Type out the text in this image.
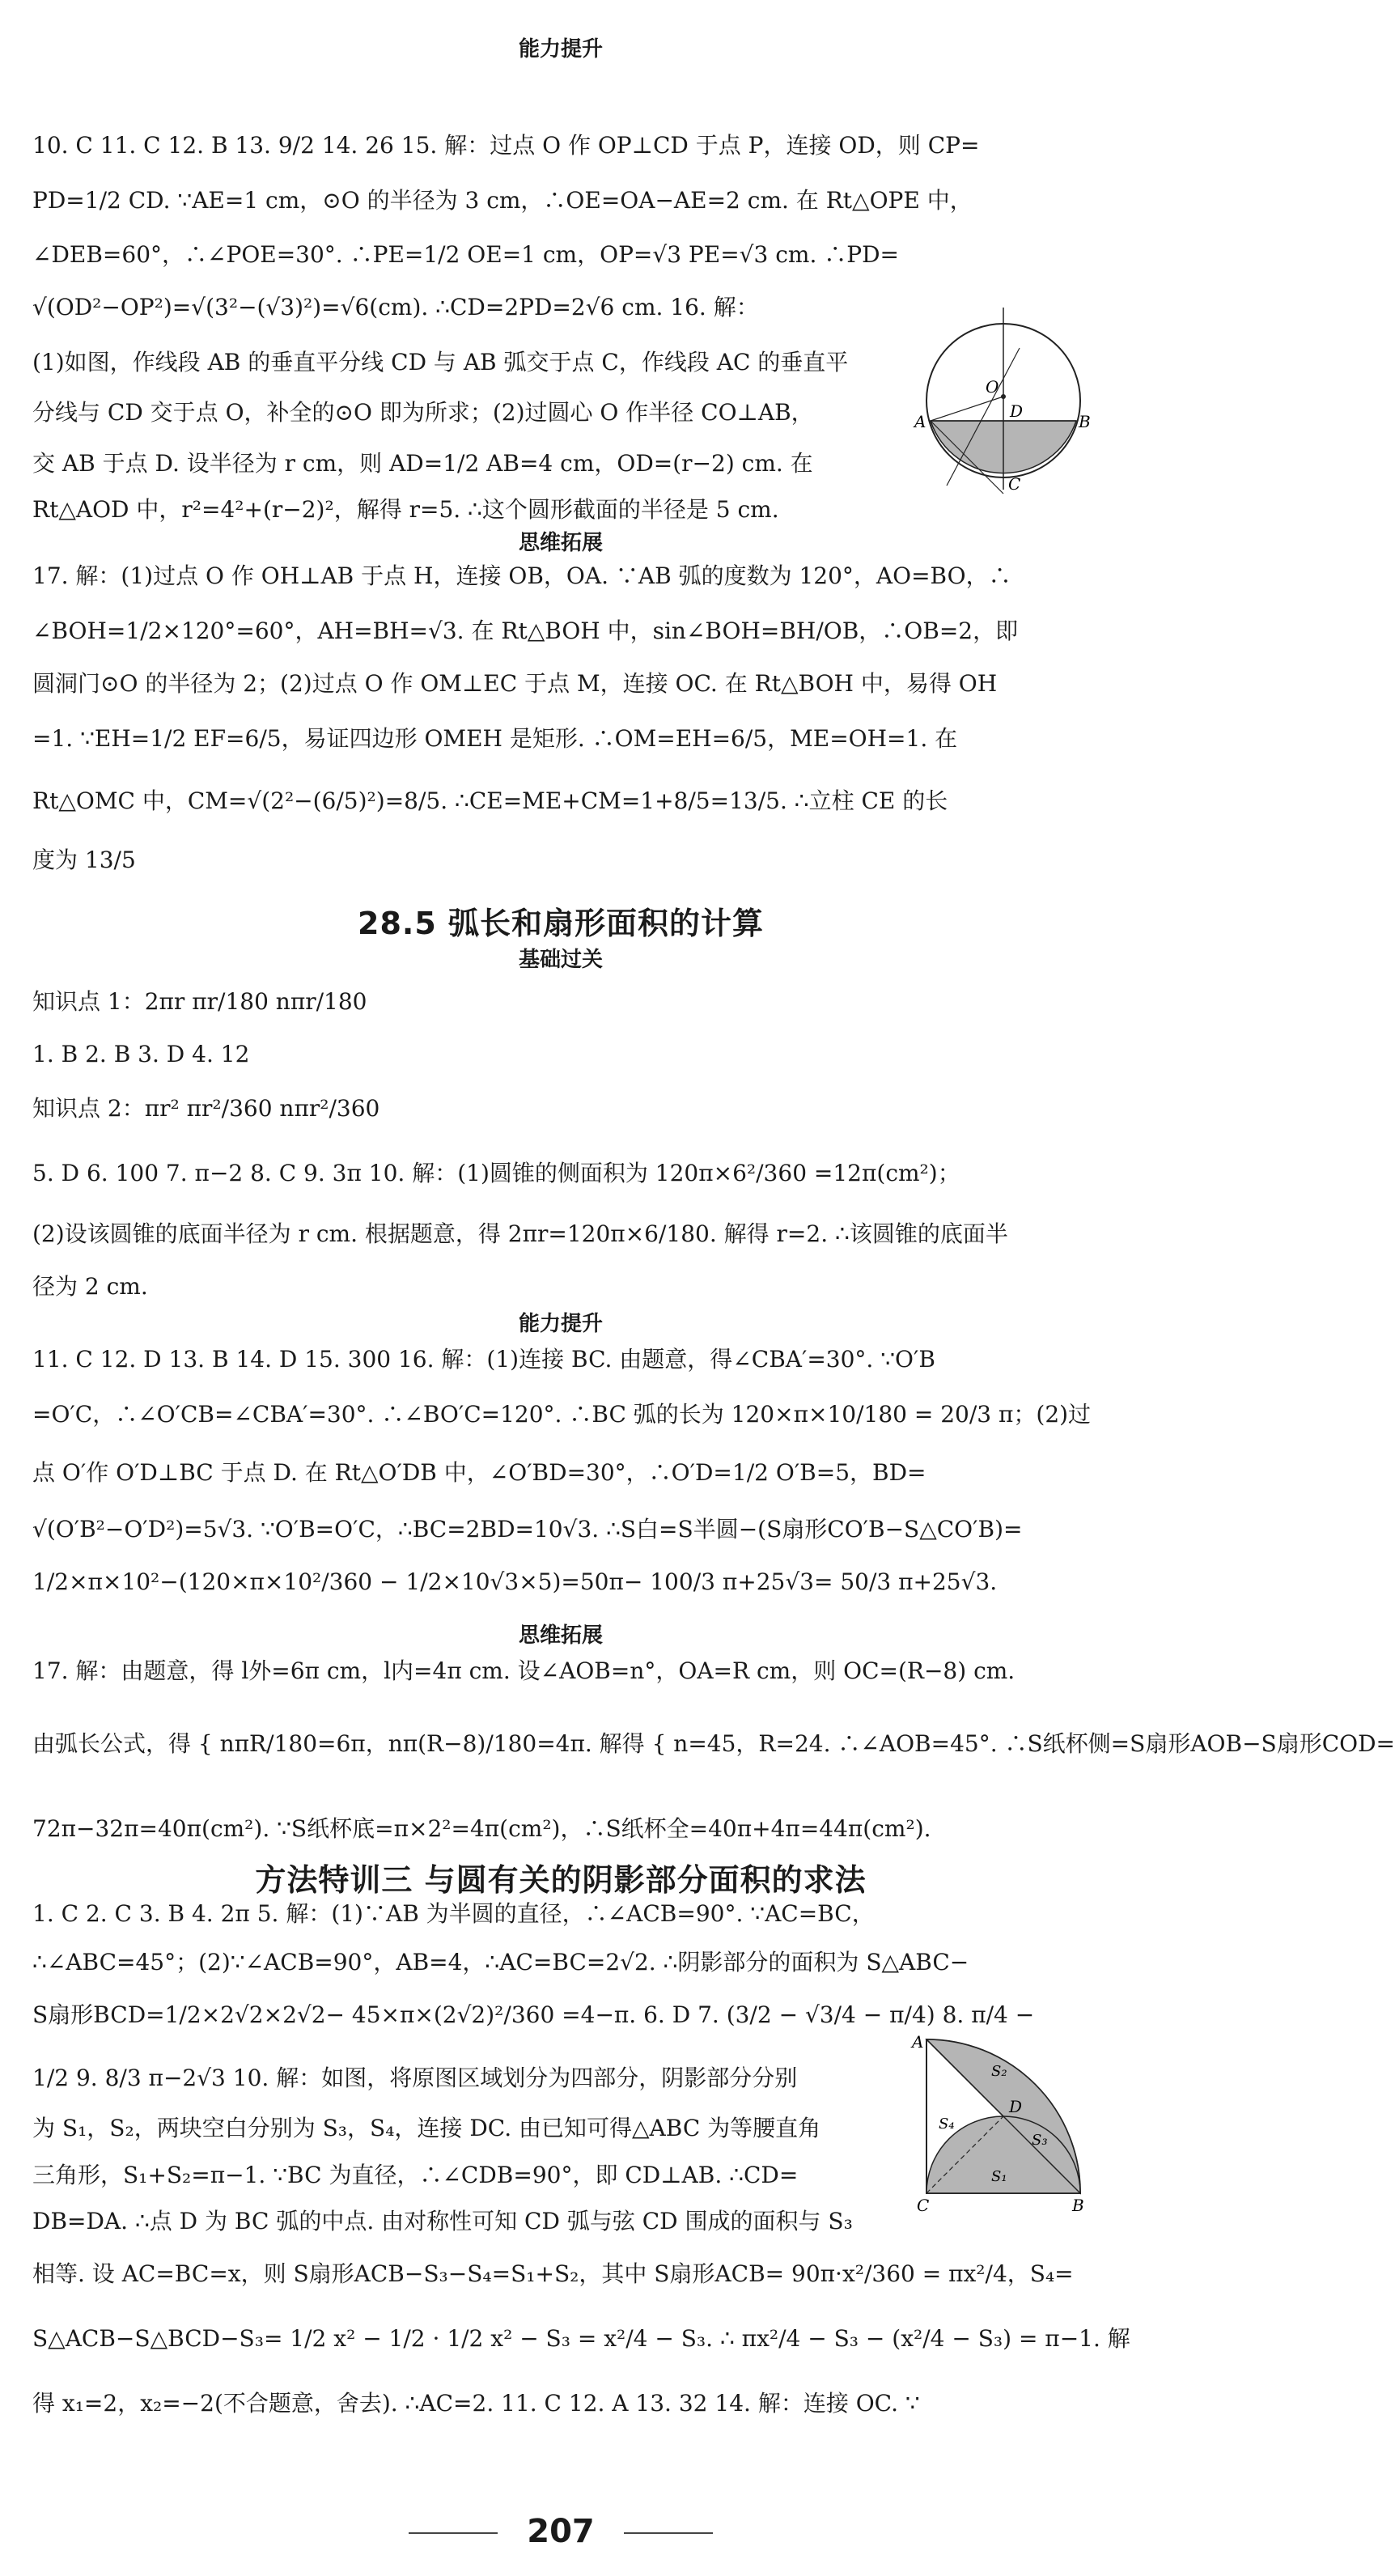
能力提升
10. C 11. C 12. B 13. 9/2 14. 26 15. 解：过点 O 作 OP⊥CD 于点 P，连接 OD，则 CP=
PD=1/2 CD. ∵AE=1 cm，⊙O 的半径为 3 cm，∴OE=OA−AE=2 cm. 在 Rt△OPE 中，
∠DEB=60°，∴∠POE=30°. ∴PE=1/2 OE=1 cm，OP=√3 PE=√3 cm. ∴PD=
√(OD²−OP²)=√(3²−(√3)²)=√6(cm). ∴CD=2PD=2√6 cm. 16. 解：
(1)如图，作线段 AB 的垂直平分线 CD 与 AB 弧交于点 C，作线段 AC 的垂直平
分线与 CD 交于点 O，补全的⊙O 即为所求；(2)过圆心 O 作半径 CO⊥AB，
交 AB 于点 D. 设半径为 r cm，则 AD=1/2 AB=4 cm，OD=(r−2) cm. 在
Rt△AOD 中，r²=4²+(r−2)²，解得 r=5. ∴这个圆形截面的半径是 5 cm.
O
D
A	B
C
思维拓展
17. 解：(1)过点 O 作 OH⊥AB 于点 H，连接 OB，OA. ∵AB 弧的度数为 120°，AO=BO，∴
∠BOH=1/2×120°=60°，AH=BH=√3. 在 Rt△BOH 中，sin∠BOH=BH/OB，∴OB=2，即
圆洞门⊙O 的半径为 2；(2)过点 O 作 OM⊥EC 于点 M，连接 OC. 在 Rt△BOH 中，易得 OH
=1. ∵EH=1/2 EF=6/5，易证四边形 OMEH 是矩形. ∴OM=EH=6/5，ME=OH=1. 在
Rt△OMC 中，CM=√(2²−(6/5)²)=8/5. ∴CE=ME+CM=1+8/5=13/5. ∴立柱 CE 的长
度为 13/5
28.5 弧长和扇形面积的计算
基础过关
知识点 1：2πr πr/180 nπr/180
1. B 2. B 3. D 4. 12
知识点 2：πr² πr²/360 nπr²/360
5. D 6. 100 7. π−2 8. C 9. 3π 10. 解：(1)圆锥的侧面积为 120π×6²/360 =12π(cm²)；
(2)设该圆锥的底面半径为 r cm. 根据题意，得 2πr=120π×6/180. 解得 r=2. ∴该圆锥的底面半
径为 2 cm.
能力提升
11. C 12. D 13. B 14. D 15. 300 16. 解：(1)连接 BC. 由题意，得∠CBA′=30°. ∵O′B
=O′C，∴∠O′CB=∠CBA′=30°. ∴∠BO′C=120°. ∴BC 弧的长为 120×π×10/180 = 20/3 π；(2)过
点 O′作 O′D⊥BC 于点 D. 在 Rt△O′DB 中，∠O′BD=30°，∴O′D=1/2 O′B=5，BD=
√(O′B²−O′D²)=5√3. ∵O′B=O′C，∴BC=2BD=10√3. ∴S白=S半圆−(S扇形CO′B−S△CO′B)=
1/2×π×10²−(120×π×10²/360 − 1/2×10√3×5)=50π− 100/3 π+25√3= 50/3 π+25√3.
思维拓展
17. 解：由题意，得 l外=6π cm，l内=4π cm. 设∠AOB=n°，OA=R cm，则 OC=(R−8) cm.
由弧长公式，得 { nπR/180=6π，nπ(R−8)/180=4π. 解得 { n=45，R=24. ∴∠AOB=45°. ∴S纸杯侧=S扇形AOB−S扇形COD=
72π−32π=40π(cm²). ∵S纸杯底=π×2²=4π(cm²)，∴S纸杯全=40π+4π=44π(cm²).
方法特训三 与圆有关的阴影部分面积的求法
1. C 2. C 3. B 4. 2π 5. 解：(1)∵AB 为半圆的直径，∴∠ACB=90°. ∵AC=BC，
∴∠ABC=45°；(2)∵∠ACB=90°，AB=4，∴AC=BC=2√2. ∴阴影部分的面积为 S△ABC−
S扇形BCD=1/2×2√2×2√2− 45×π×(2√2)²/360 =4−π. 6. D 7. (3/2 − √3/4 − π/4) 8. π/4 −
1/2 9. 8/3 π−2√3 10. 解：如图，将原图区域划分为四部分，阴影部分分别
为 S₁，S₂，两块空白分别为 S₃，S₄，连接 DC. 由已知可得△ABC 为等腰直角
三角形，S₁+S₂=π−1. ∵BC 为直径，∴∠CDB=90°，即 CD⊥AB. ∴CD=
DB=DA. ∴点 D 为 BC 弧的中点. 由对称性可知 CD 弧与弦 CD 围成的面积与 S₃
相等. 设 AC=BC=x，则 S扇形ACB−S₃−S₄=S₁+S₂，其中 S扇形ACB= 90π·x²/360 = πx²/4，S₄=
S△ACB−S△BCD−S₃= 1/2 x² − 1/2 · 1/2 x² − S₃ = x²/4 − S₃. ∴ πx²/4 − S₃ − (x²/4 − S₃) = π−1. 解
得 x₁=2，x₂=−2(不合题意，舍去). ∴AC=2. 11. C 12. A 13. 32 14. 解：连接 OC. ∵
A
S₂
D
S₄
S₃
S₁
C	B
207
